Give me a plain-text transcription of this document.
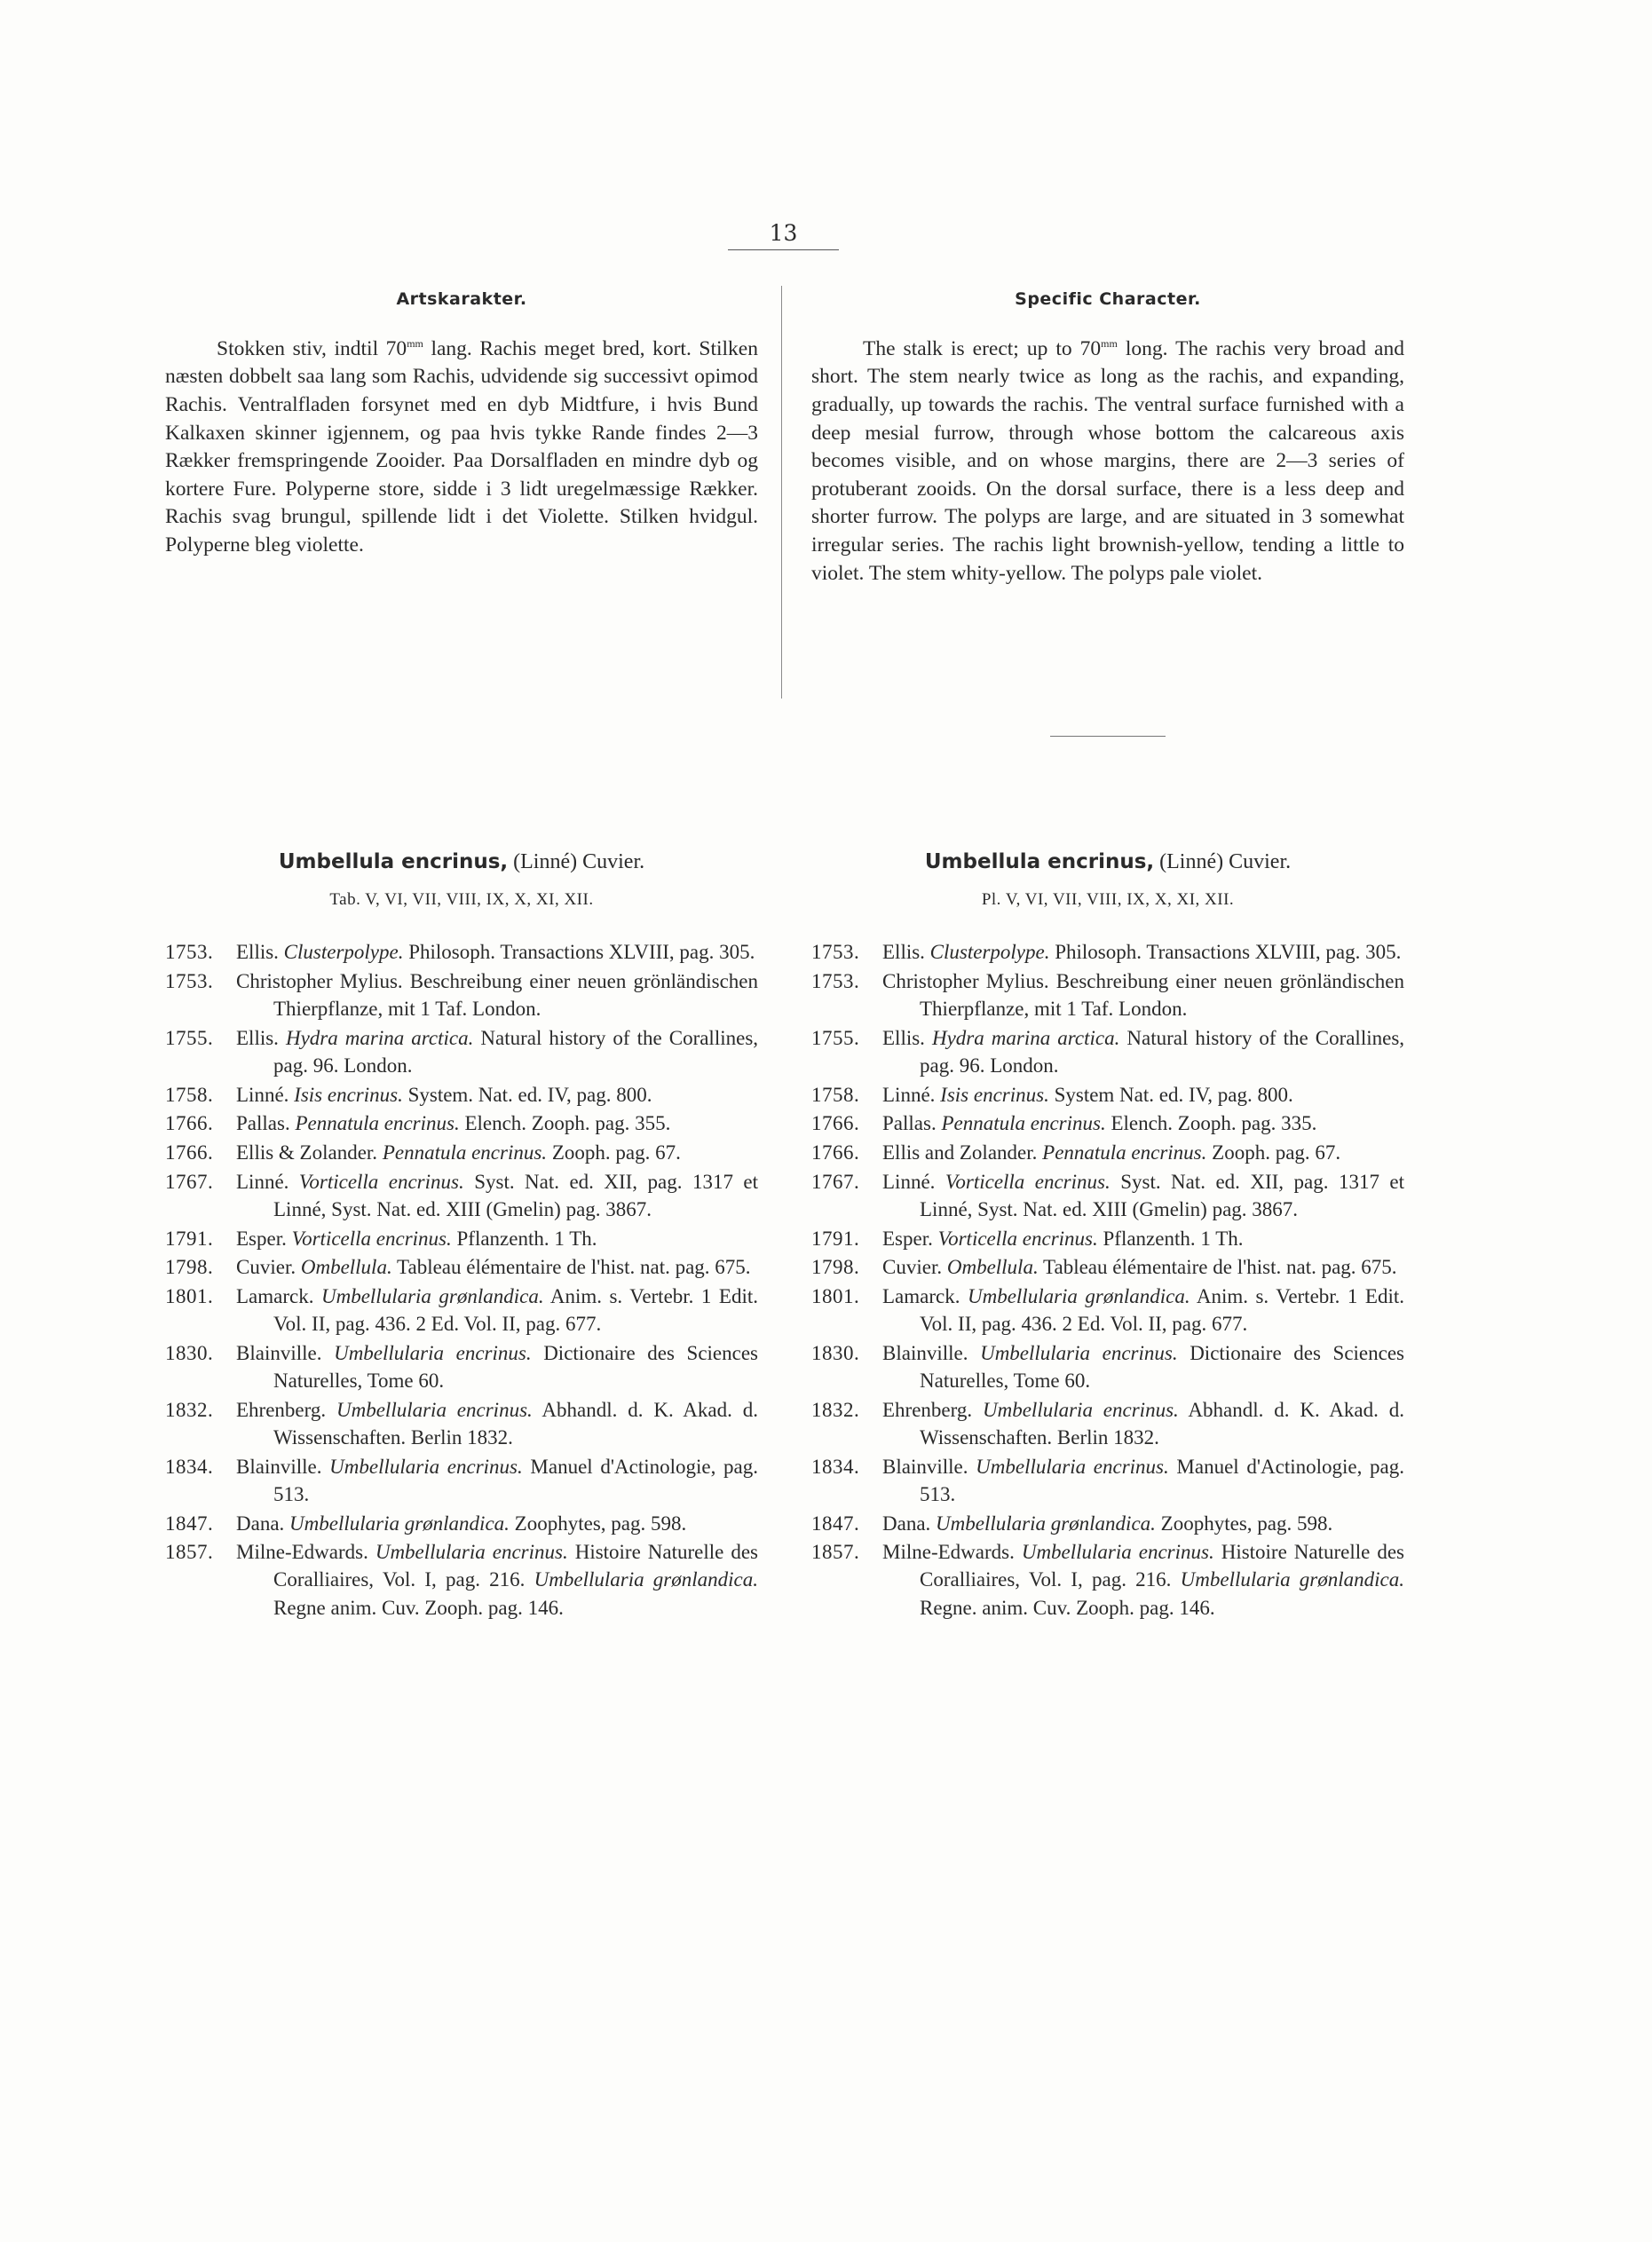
13
Artskarakter.

Stokken stiv, indtil $70^{mm}$ lang. Rachis meget bred, kort. Stilken næsten dobbelt saa lang som Rachis, udvidende sig successivt opimod Rachis. Ventralfladen forsynet med en dyb Midtfure, i hvis Bund Kalkaxen skinner igjennem, og paa hvis tykke Rande findes 2—3 Rækker fremspringende Zooider. Paa Dorsalfladen en mindre dyb og kortere Fure. Polyperne store, sidde i 3 lidt uregelmæssige Rækker. Rachis svag brungul, spillende lidt i det Violette. Stilken hvidgul. Polyperne bleg violette.

Specific Character.

The stalk is erect; up to $70^{mm}$ long. The rachis very broad and short. The stem nearly twice as long as the rachis, and expanding, gradually, up towards the rachis. The ventral surface furnished with a deep mesial furrow, through whose bottom the calcareous axis becomes visible, and on whose margins, there are 2—3 series of protuberant zooids. On the dorsal surface, there is a less deep and shorter furrow. The polyps are large, and are situated in 3 somewhat irregular series. The rachis light brownish-yellow, tending a little to violet. The stem whity-yellow. The polyps pale violet.

Umbellula encrinus, (Linné) Cuvier.

Tab. V, VI, VII, VIII, IX, X, XI, XII.

1753.	Ellis. Clusterpolype. Philosoph. Transactions XLVIII, pag. 305.
1753.	Christopher Mylius. Beschreibung einer neuen grönländischen Thierpflanze, mit 1 Taf. London.
1755.	Ellis. Hydra marina arctica. Natural history of the Corallines, pag. 96. London.
1758.	Linné. Isis encrinus. System. Nat. ed. IV, pag. 800.
1766.	Pallas. Pennatula encrinus. Elench. Zooph. pag. 355.
1766.	Ellis & Zolander. Pennatula encrinus. Zooph. pag. 67.
1767.	Linné. Vorticella encrinus. Syst. Nat. ed. XII, pag. 1317 et Linné, Syst. Nat. ed. XIII (Gmelin) pag. 3867.
1791.	Esper. Vorticella encrinus. Pflanzenth. 1 Th.
1798.	Cuvier. Ombellula. Tableau élémentaire de l'hist. nat. pag. 675.
1801.	Lamarck. Umbellularia grønlandica. Anim. s. Vertebr. 1 Edit. Vol. II, pag. 436. 2 Ed. Vol. II, pag. 677.
1830.	Blainville. Umbellularia encrinus. Dictionaire des Sciences Naturelles, Tome 60.
1832.	Ehrenberg. Umbellularia encrinus. Abhandl. d. K. Akad. d. Wissenschaften. Berlin 1832.
1834.	Blainville. Umbellularia encrinus. Manuel d'Actinologie, pag. 513.
1847.	Dana. Umbellularia grønlandica. Zoophytes, pag. 598.
1857.	Milne-Edwards. Umbellularia encrinus. Histoire Naturelle des Coralliaires, Vol. I, pag. 216. Umbellularia grønlandica. Regne anim. Cuv. Zooph. pag. 146.

Umbellula encrinus, (Linné) Cuvier.

Pl. V, VI, VII, VIII, IX, X, XI, XII.

1753.	Ellis. Clusterpolype. Philosoph. Transactions XLVIII, pag. 305.
1753.	Christopher Mylius. Beschreibung einer neuen grönländischen Thierpflanze, mit 1 Taf. London.
1755.	Ellis. Hydra marina arctica. Natural history of the Corallines, pag. 96. London.
1758.	Linné. Isis encrinus. System Nat. ed. IV, pag. 800.
1766.	Pallas. Pennatula encrinus. Elench. Zooph. pag. 335.
1766.	Ellis and Zolander. Pennatula encrinus. Zooph. pag. 67.
1767.	Linné. Vorticella encrinus. Syst. Nat. ed. XII, pag. 1317 et Linné, Syst. Nat. ed. XIII (Gmelin) pag. 3867.
1791.	Esper. Vorticella encrinus. Pflanzenth. 1 Th.
1798.	Cuvier. Ombellula. Tableau élémentaire de l'hist. nat. pag. 675.
1801.	Lamarck. Umbellularia grønlandica. Anim. s. Vertebr. 1 Edit. Vol. II, pag. 436. 2 Ed. Vol. II, pag. 677.
1830.	Blainville. Umbellularia encrinus. Dictionaire des Sciences Naturelles, Tome 60.
1832.	Ehrenberg. Umbellularia encrinus. Abhandl. d. K. Akad. d. Wissenschaften. Berlin 1832.
1834.	Blainville. Umbellularia encrinus. Manuel d'Actinologie, pag. 513.
1847.	Dana. Umbellularia grønlandica. Zoophytes, pag. 598.
1857.	Milne-Edwards. Umbellularia encrinus. Histoire Naturelle des Coralliaires, Vol. I, pag. 216. Umbellularia grønlandica. Regne. anim. Cuv. Zooph. pag. 146.
